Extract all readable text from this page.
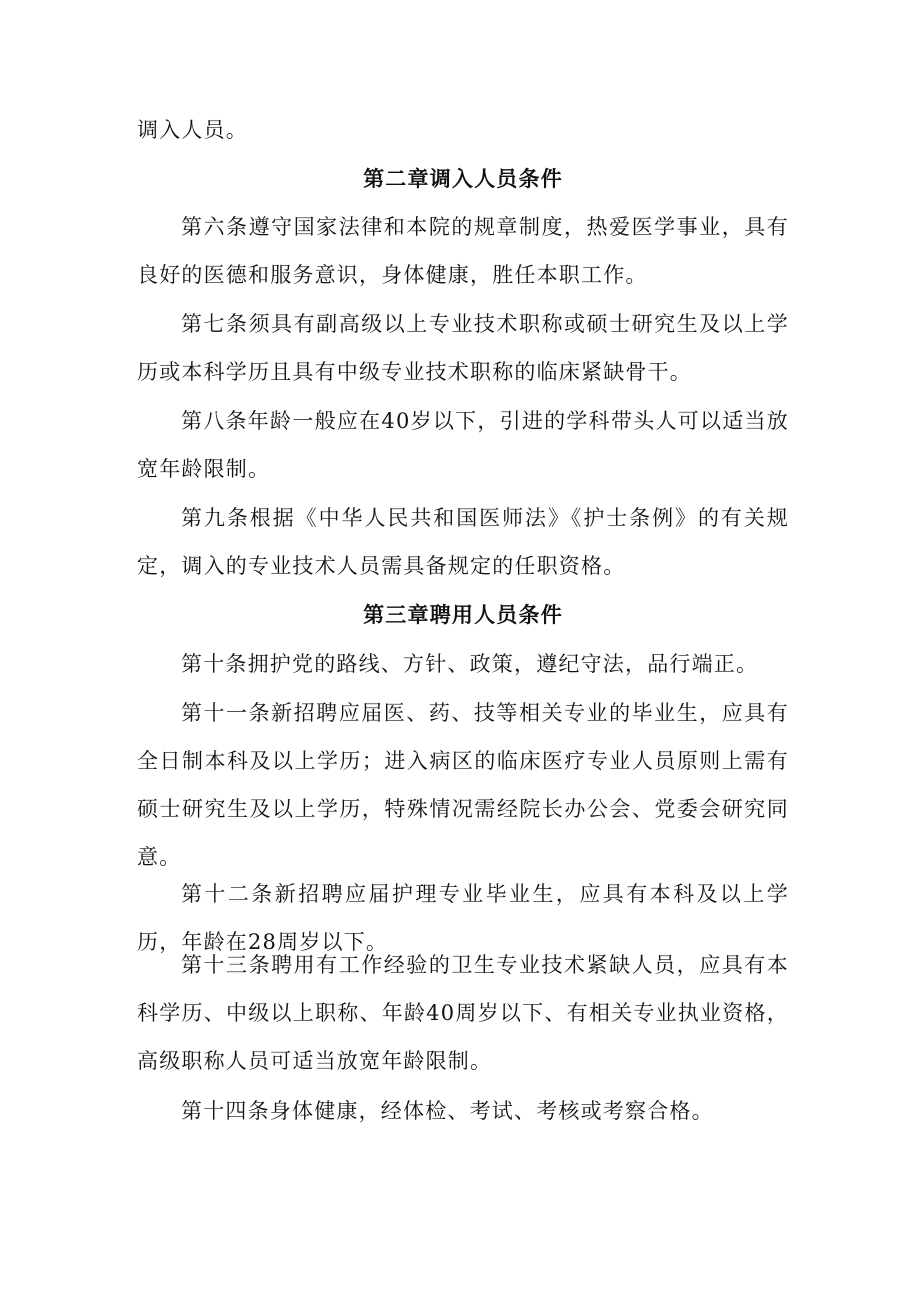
调入人员。

第二章调入人员条件

第六条遵守国家法律和本院的规章制度，热爱医学事业，具有良好的医德和服务意识，身体健康，胜任本职工作。

第七条须具有副高级以上专业技术职称或硕士研究生及以上学历或本科学历且具有中级专业技术职称的临床紧缺骨干。

第八条年龄一般应在40岁以下，引进的学科带头人可以适当放宽年龄限制。

第九条根据《中华人民共和国医师法》《护士条例》的有关规定，调入的专业技术人员需具备规定的任职资格。

第三章聘用人员条件

第十条拥护党的路线、方针、政策，遵纪守法，品行端正。

第十一条新招聘应届医、药、技等相关专业的毕业生，应具有全日制本科及以上学历；进入病区的临床医疗专业人员原则上需有硕士研究生及以上学历，特殊情况需经院长办公会、党委会研究同意。

第十二条新招聘应届护理专业毕业生，应具有本科及以上学历，年龄在28周岁以下。

第十三条聘用有工作经验的卫生专业技术紧缺人员，应具有本科学历、中级以上职称、年龄40周岁以下、有相关专业执业资格，高级职称人员可适当放宽年龄限制。

第十四条身体健康，经体检、考试、考核或考察合格。
